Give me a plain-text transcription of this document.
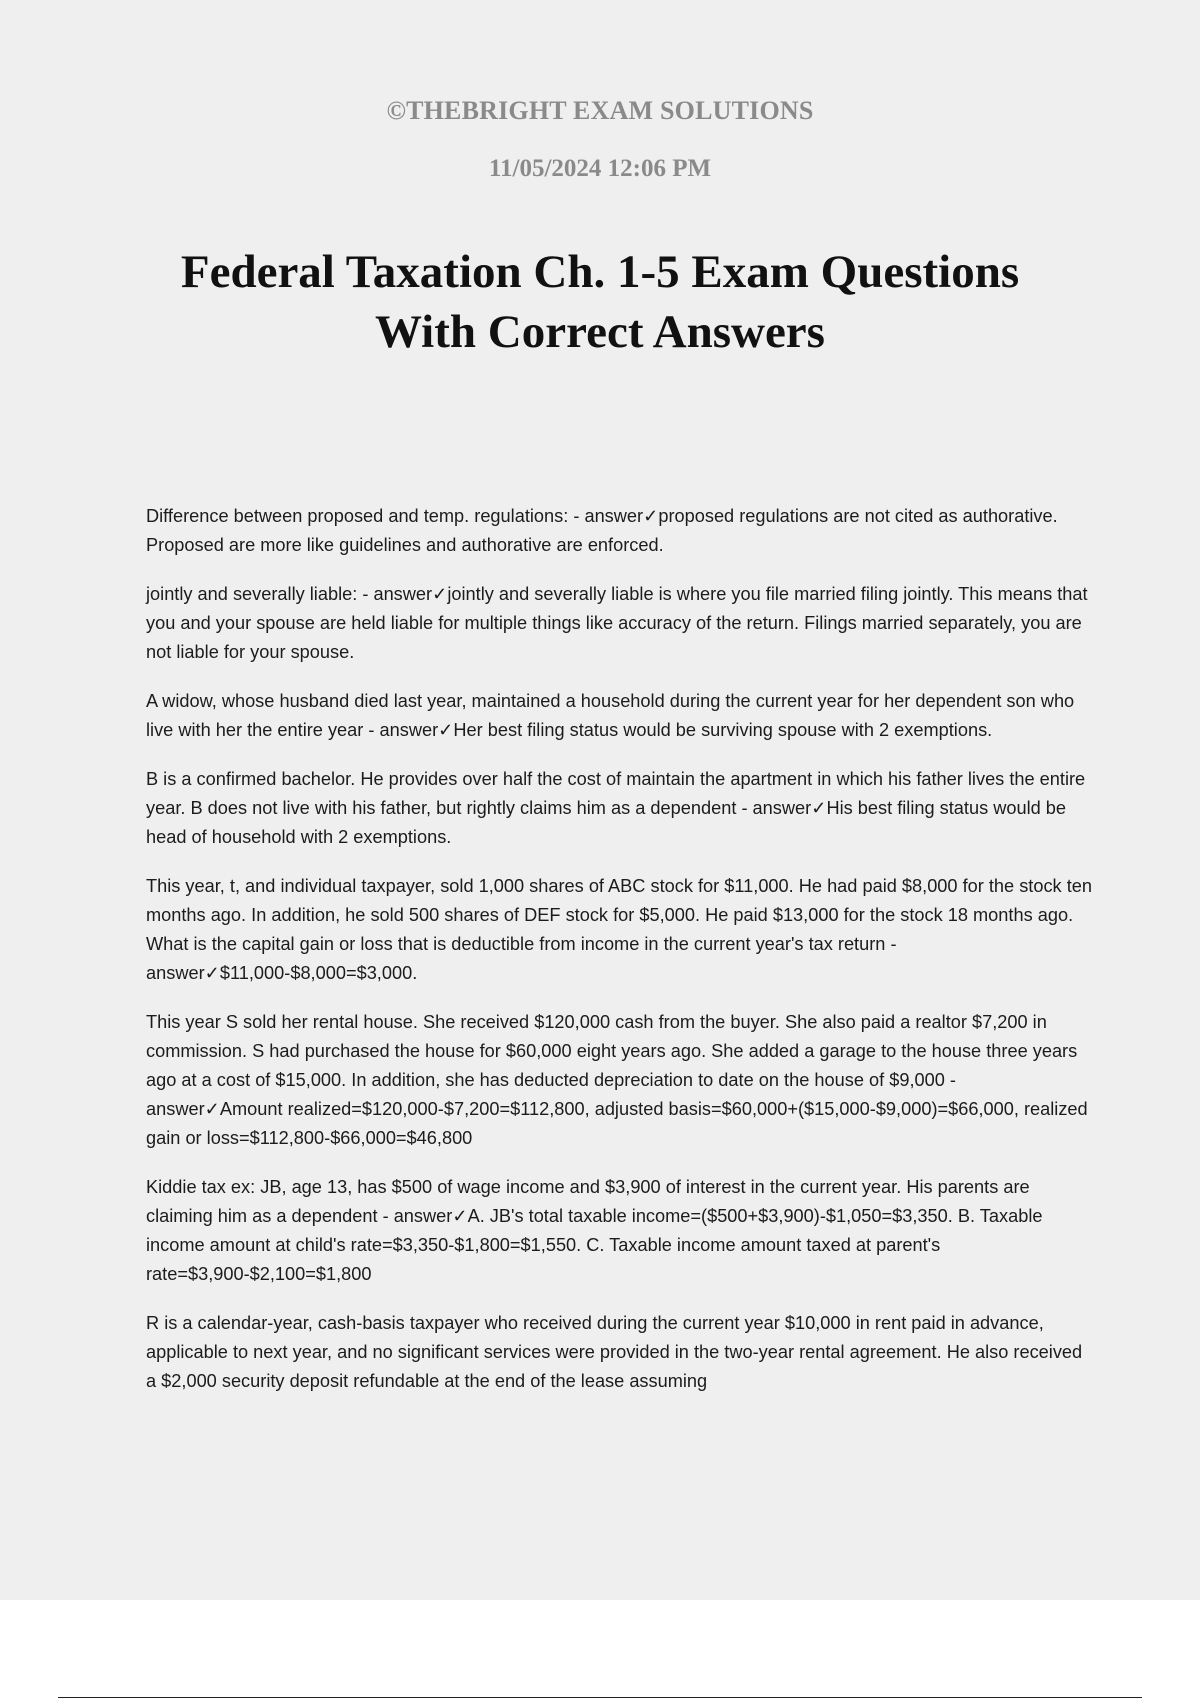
©THEBRIGHT EXAM SOLUTIONS

11/05/2024 12:06 PM

Federal Taxation Ch. 1-5 Exam Questions
With Correct Answers
Difference between proposed and temp. regulations: - answer✓proposed regulations are not cited as authorative. Proposed are more like guidelines and authorative are enforced.
jointly and severally liable: - answer✓jointly and severally liable is where you file married filing jointly. This means that you and your spouse are held liable for multiple things like accuracy of the return. Filings married separately, you are not liable for your spouse.
A widow, whose husband died last year, maintained a household during the current year for her dependent son who live with her the entire year - answer✓Her best filing status would be surviving spouse with 2 exemptions.
B is a confirmed bachelor. He provides over half the cost of maintain the apartment in which his father lives the entire year. B does not live with his father, but rightly claims him as a dependent - answer✓His best filing status would be head of household with 2 exemptions.
This year, t, and individual taxpayer, sold 1,000 shares of ABC stock for $11,000. He had paid $8,000 for the stock ten months ago. In addition, he sold 500 shares of DEF stock for $5,000. He paid $13,000 for the stock 18 months ago. What is the capital gain or loss that is deductible from income in the current year's tax return - answer✓$11,000-$8,000=$3,000.
This year S sold her rental house. She received $120,000 cash from the buyer. She also paid a realtor $7,200 in commission. S had purchased the house for $60,000 eight years ago. She added a garage to the house three years ago at a cost of $15,000. In addition, she has deducted depreciation to date on the house of $9,000 - answer✓Amount realized=$120,000-$7,200=$112,800, adjusted basis=$60,000+($15,000-$9,000)=$66,000, realized gain or loss=$112,800-$66,000=$46,800
Kiddie tax ex: JB, age 13, has $500 of wage income and $3,900 of interest in the current year. His parents are claiming him as a dependent - answer✓A. JB's total taxable income=($500+$3,900)-$1,050=$3,350. B. Taxable income amount at child's rate=$3,350-$1,800=$1,550. C. Taxable income amount taxed at parent's rate=$3,900-$2,100=$1,800
R is a calendar-year, cash-basis taxpayer who received during the current year $10,000 in rent paid in advance, applicable to next year, and no significant services were provided in the two-year rental agreement. He also received a $2,000 security deposit refundable at the end of the lease assuming
